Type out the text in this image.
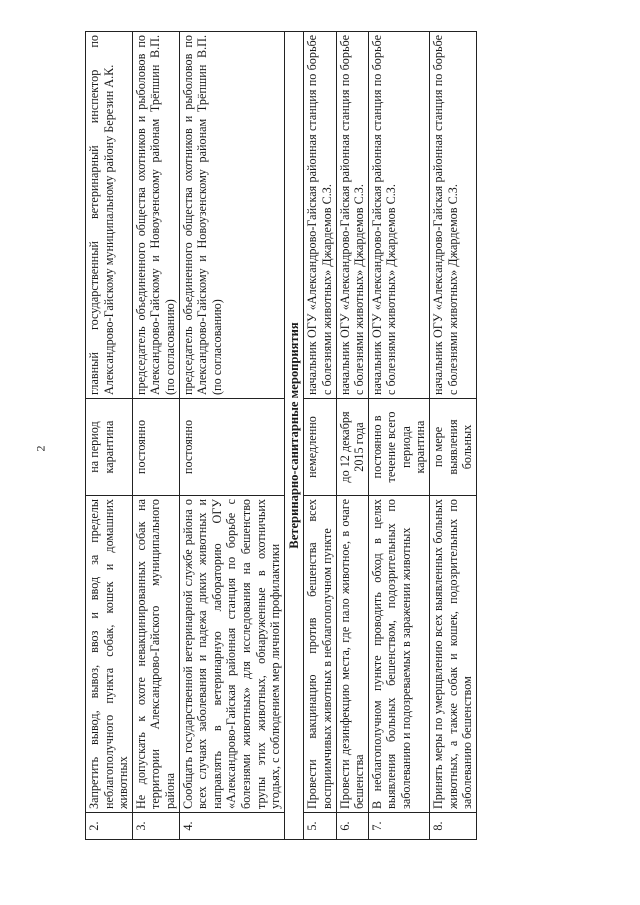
2
2.	Запретить вывод, вывоз, ввоз и ввод за пределы неблагополучного пункта собак, кошек и домашних животных	на период карантина	главный государственный ветеринарный инспектор по Александрово-Гайскому муниципальному району Березин А.К.
3.	Не допускать к охоте невакцинированных собак на территории Александрово-Гайского муниципального района	постоянно	председатель объединенного общества охотников и рыболовов по Александрово-Гайскому и Новоузенскому районам Трёпшин В.П. (по согласованию)
4.	Сообщать государственной ветеринарной службе района о всех случаях заболевания и падежа диких животных и направлять в ветеринарную лабораторию ОГУ «Александрово-Гайская районная станция по борьбе с болезнями животных» для исследования на бешенство трупы этих животных, обнаруженные в охотничьих угодьях, с соблюдением мер личной профилактики	постоянно	председатель объединенного общества охотников и рыболовов по Александрово-Гайскому и Новоузенскому районам Трёпшин В.П. (по согласованию)
Ветеринарно-санитарные мероприятия			
5.	Провести вакцинацию против бешенства всех восприимчивых животных в неблагополучном пункте	немедленно	начальник ОГУ «Александрово-Гайская районная станция по борьбе с болезнями животных» Джардемов С.З.
6.	Провести дезинфекцию места, где пало животное, в очаге бешенства	до 12 декабря 2015 года	начальник ОГУ «Александрово-Гайская районная станция по борьбе с болезнями животных» Джардемов С.З.
7.	В неблагополучном пункте проводить обход в целях выявления больных бешенством, подозрительных по заболеванию и подозреваемых в заражении животных	постоянно в течение всего периода карантина	начальник ОГУ «Александрово-Гайская районная станция по борьбе с болезнями животных» Джардемов С.З.
8.	Принять меры по умерщвлению всех выявленных больных животных, а также собак и кошек, подозрительных по заболеванию бешенством	по мере выявления больных	начальник ОГУ «Александрово-Гайская районная станция по борьбе с болезнями животных» Джардемов С.З.
